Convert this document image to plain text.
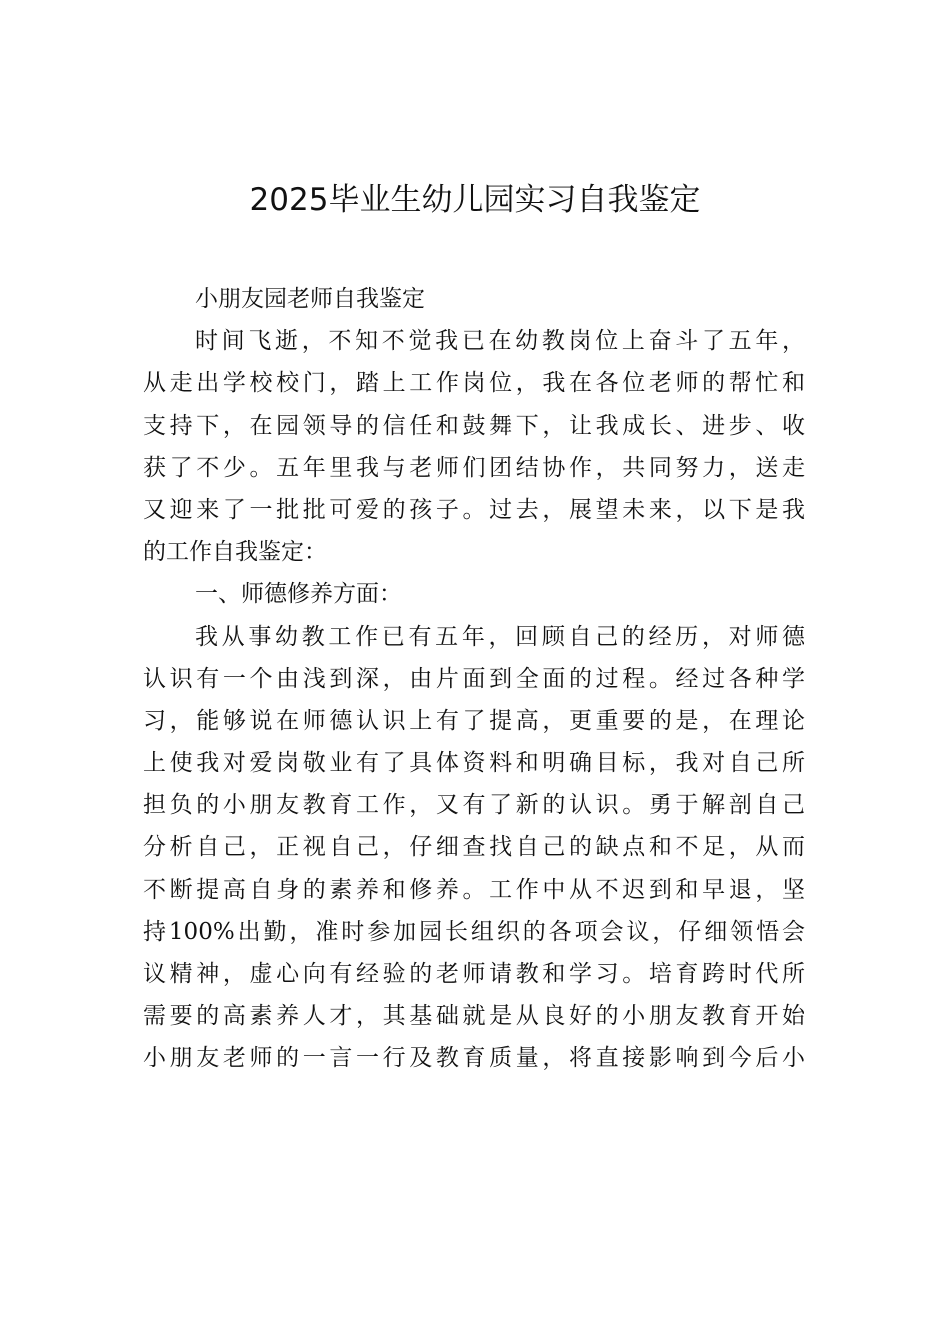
2025毕业生幼儿园实习自我鉴定
小朋友园老师自我鉴定
时间飞逝，不知不觉我已在幼教岗位上奋斗了五年，
从走出学校校门，踏上工作岗位，我在各位老师的帮忙和
支持下，在园领导的信任和鼓舞下，让我成长、进步、收
获了不少。五年里我与老师们团结协作，共同努力，送走
又迎来了一批批可爱的孩子。过去，展望未来，以下是我
的工作自我鉴定：
一、师德修养方面：
我从事幼教工作已有五年，回顾自己的经历，对师德
认识有一个由浅到深，由片面到全面的过程。经过各种学
习，能够说在师德认识上有了提高，更重要的是，在理论
上使我对爱岗敬业有了具体资料和明确目标，我对自己所
担负的小朋友教育工作，又有了新的认识。勇于解剖自己
分析自己，正视自己，仔细查找自己的缺点和不足，从而
不断提高自身的素养和修养。工作中从不迟到和早退，坚
持100%出勤，准时参加园长组织的各项会议，仔细领悟会
议精神，虚心向有经验的老师请教和学习。培育跨时代所
需要的高素养人才，其基础就是从良好的小朋友教育开始
小朋友老师的一言一行及教育质量，将直接影响到今后小
